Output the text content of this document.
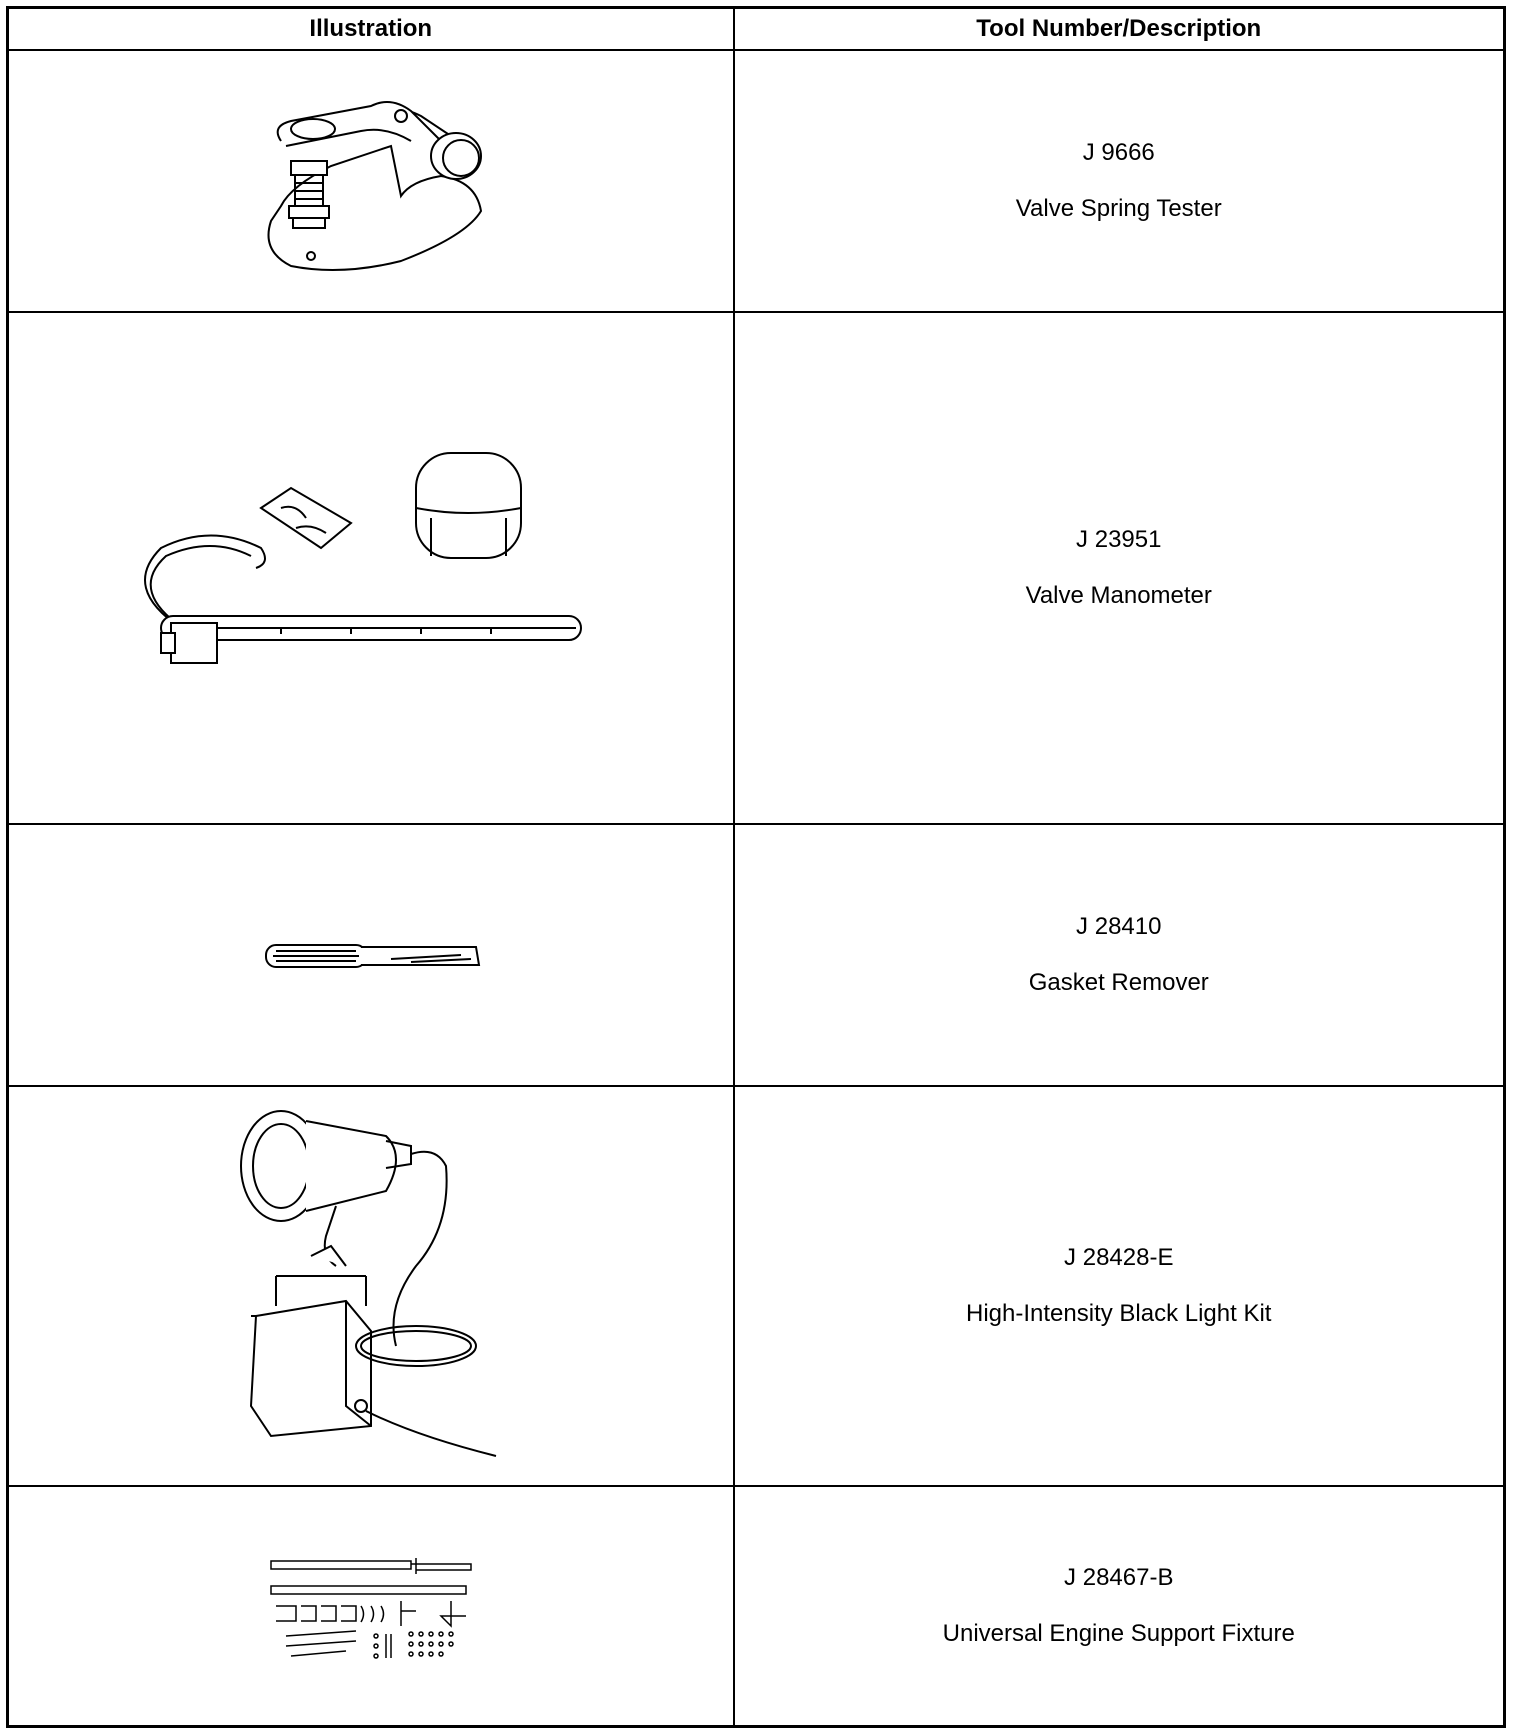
Illustration	Tool Number/Description

J 9666
Valve Spring Tester

J 23951
Valve Manometer

J 28410
Gasket Remover

J 28428-E
High-Intensity Black Light Kit

J 28467-B
Universal Engine Support Fixture
